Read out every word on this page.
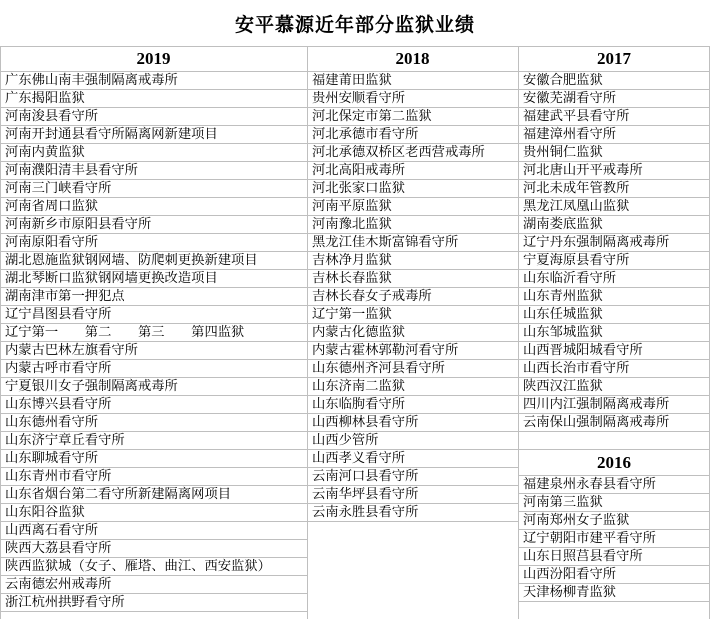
安平慕源近年部分监狱业绩
2019
广东佛山南丰强制隔离戒毒所
广东揭阳监狱
河南浚县看守所
河南开封通县看守所隔离网新建项目
河南内黄监狱
河南濮阳清丰县看守所
河南三门峡看守所
河南省周口监狱
河南新乡市原阳县看守所
河南原阳看守所
湖北恩施监狱钢网墙、防爬刺更换新建项目
湖北琴断口监狱钢网墙更换改造项目
湖南津市第一押犯点
辽宁昌图县看守所
辽宁第一　　第二　　第三　　第四监狱
内蒙古巴林左旗看守所
内蒙古呼市看守所
宁夏银川女子强制隔离戒毒所
山东博兴县看守所
山东德州看守所
山东济宁章丘看守所
山东聊城看守所
山东青州市看守所
山东省烟台第二看守所新建隔离网项目
山东阳谷监狱
山西离石看守所
陕西大荔县看守所
陕西监狱城（女子、雁塔、曲江、西安监狱）
云南德宏州戒毒所
浙江杭州拱野看守所
2018
福建莆田监狱
贵州安顺看守所
河北保定市第二监狱
河北承德市看守所
河北承德双桥区老西营戒毒所
河北高阳戒毒所
河北张家口监狱
河南平原监狱
河南豫北监狱
黑龙江佳木斯富锦看守所
吉林净月监狱
吉林长春监狱
吉林长春女子戒毒所
辽宁第一监狱
内蒙古化德监狱
内蒙古霍林郭勒河看守所
山东德州齐河县看守所
山东济南二监狱
山东临朐看守所
山西柳林县看守所
山西少管所
山西孝义看守所
云南河口县看守所
云南华坪县看守所
云南永胜县看守所
2017
安徽合肥监狱
安徽芜湖看守所
福建武平县看守所
福建漳州看守所
贵州铜仁监狱
河北唐山开平戒毒所
河北未成年管教所
黑龙江凤凰山监狱
湖南娄底监狱
辽宁丹东强制隔离戒毒所
宁夏海原县看守所
山东临沂看守所
山东青州监狱
山东任城监狱
山东邹城监狱
山西晋城阳城看守所
山西长治市看守所
陕西汉江监狱
四川内江强制隔离戒毒所
云南保山强制隔离戒毒所
2016
福建泉州永春县看守所
河南第三监狱
河南郑州女子监狱
辽宁朝阳市建平看守所
山东日照莒县看守所
山西汾阳看守所
天津杨柳青监狱
